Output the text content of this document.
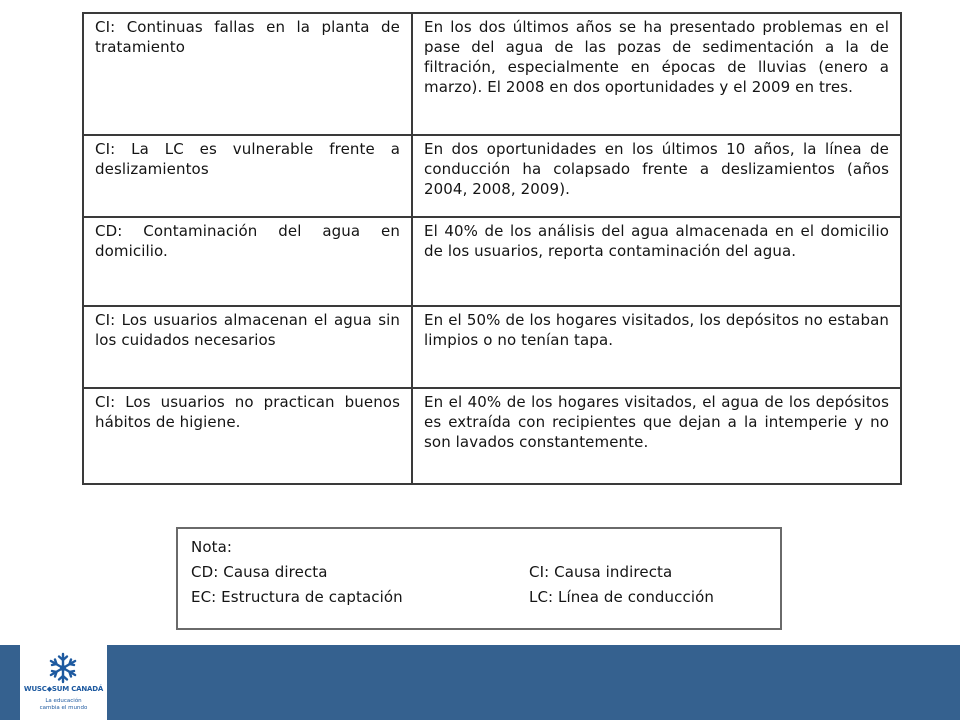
CI: Continuas fallas en la planta de tratamiento	En los dos últimos años se ha presentado problemas en el pase del agua de las pozas de sedimentación a la de filtración, especialmente en épocas de lluvias (enero a marzo). El 2008 en dos oportunidades y el 2009 en tres.
CI: La LC es vulnerable frente a deslizamientos	En dos oportunidades en los últimos 10 años, la línea de conducción ha colapsado frente a deslizamientos (años 2004, 2008, 2009).
CD: Contaminación del agua en domicilio.	El 40% de los análisis del agua almacenada en el domicilio de los usuarios, reporta contaminación del agua.
CI: Los usuarios almacenan el agua sin los cuidados necesarios	En el 50% de los hogares visitados, los depósitos no estaban limpios o no tenían tapa.
CI: Los usuarios no practican buenos hábitos de higiene.	En el 40% de los hogares visitados, el agua de los depósitos es extraída con recipientes que dejan a la intemperie y no son lavados constantemente.
Nota:
CD: Causa directa	CI: Causa indirecta
EC: Estructura de captación	LC: Línea de conducción
WUSC◆SUM CANADÁ
La educación
cambia el mundo
